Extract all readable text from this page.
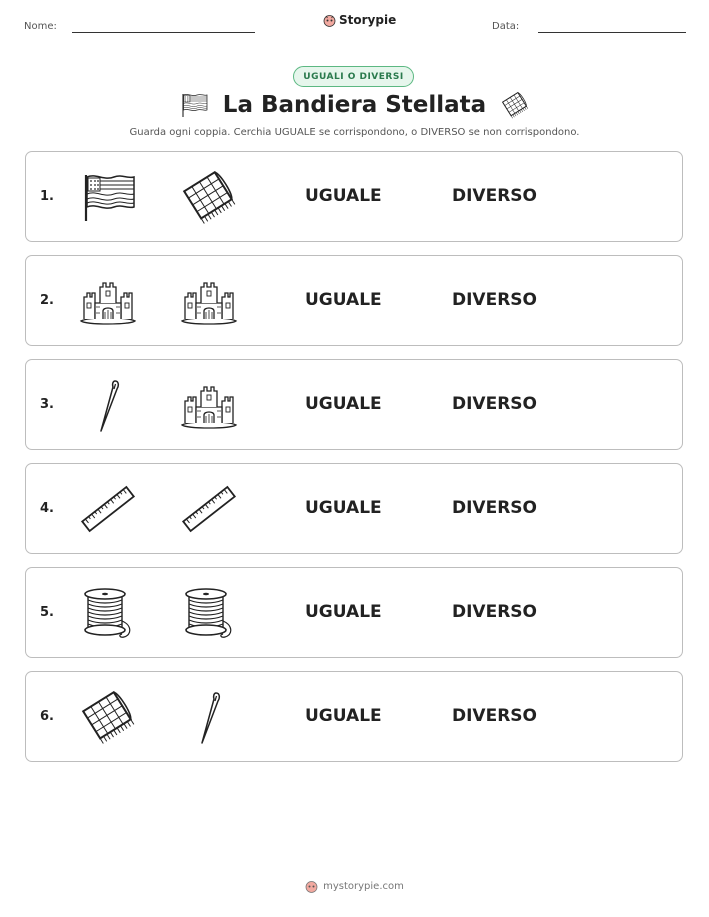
Nome:	Storypie	Data:
UGUALI O DIVERSI
La Bandiera Stellata
Guarda ogni coppia. Cerchia UGUALE se corrispondono, o DIVERSO se non corrispondono.
1.	UGUALE	DIVERSO
2.	UGUALE	DIVERSO
3.	UGUALE	DIVERSO
4.	UGUALE	DIVERSO
5.	UGUALE	DIVERSO
6.	UGUALE	DIVERSO
mystorypie.com
